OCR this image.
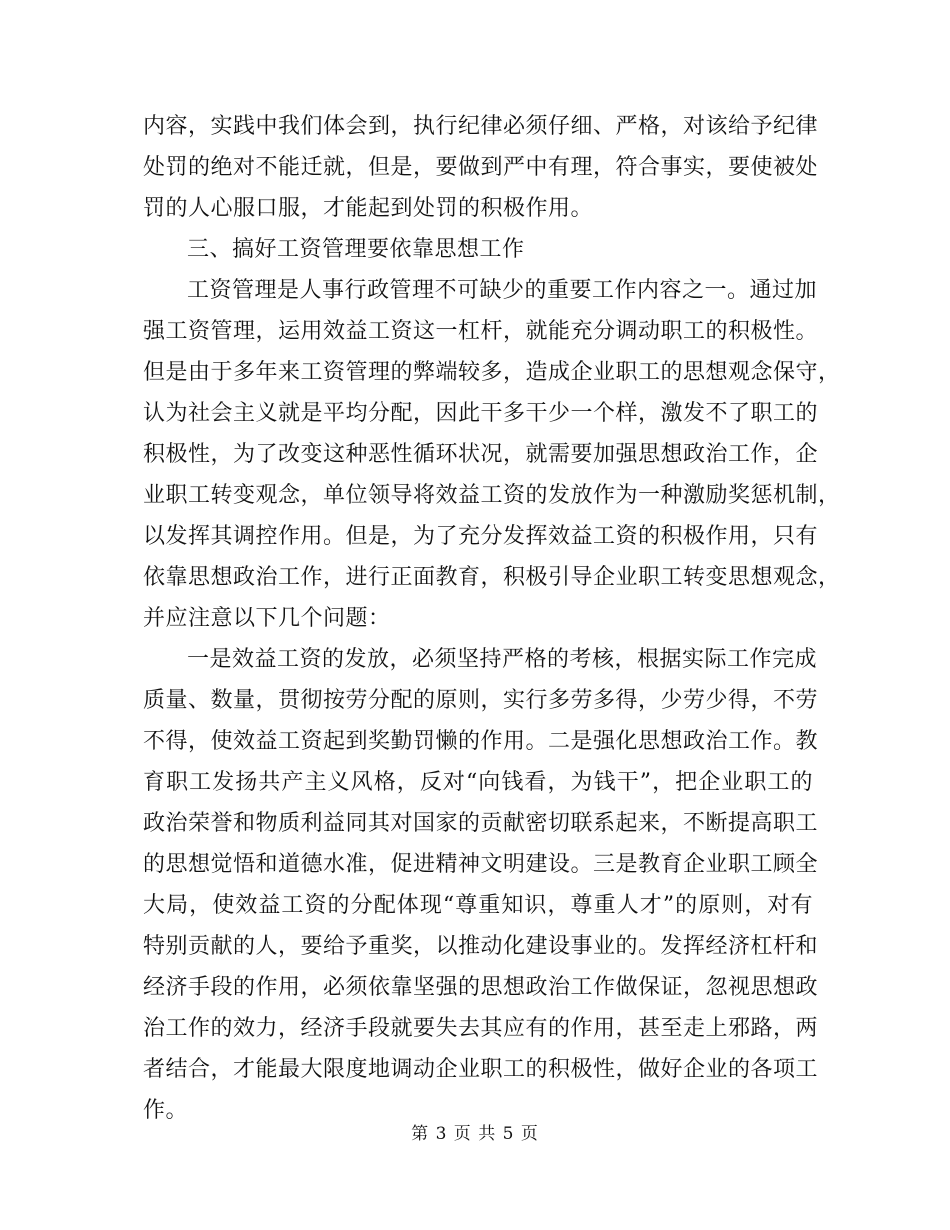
内容，实践中我们体会到，执行纪律必须仔细、严格，对该给予纪律
处罚的绝对不能迁就，但是，要做到严中有理，符合事实，要使被处
罚的人心服口服，才能起到处罚的积极作用。
三、搞好工资管理要依靠思想工作
工资管理是人事行政管理不可缺少的重要工作内容之一。通过加
强工资管理，运用效益工资这一杠杆，就能充分调动职工的积极性。
但是由于多年来工资管理的弊端较多，造成企业职工的思想观念保守，
认为社会主义就是平均分配，因此干多干少一个样，激发不了职工的
积极性，为了改变这种恶性循环状况，就需要加强思想政治工作，企
业职工转变观念，单位领导将效益工资的发放作为一种激励奖惩机制，
以发挥其调控作用。但是，为了充分发挥效益工资的积极作用，只有
依靠思想政治工作，进行正面教育，积极引导企业职工转变思想观念，
并应注意以下几个问题：
一是效益工资的发放，必须坚持严格的考核，根据实际工作完成
质量、数量，贯彻按劳分配的原则，实行多劳多得，少劳少得，不劳
不得，使效益工资起到奖勤罚懒的作用。二是强化思想政治工作。教
育职工发扬共产主义风格，反对“向钱看，为钱干”，把企业职工的
政治荣誉和物质利益同其对国家的贡献密切联系起来，不断提高职工
的思想觉悟和道德水准，促进精神文明建设。三是教育企业职工顾全
大局，使效益工资的分配体现“尊重知识，尊重人才”的原则，对有
特别贡献的人，要给予重奖，以推动化建设事业的。发挥经济杠杆和
经济手段的作用，必须依靠坚强的思想政治工作做保证，忽视思想政
治工作的效力，经济手段就要失去其应有的作用，甚至走上邪路，两
者结合，才能最大限度地调动企业职工的积极性，做好企业的各项工
作。
第 3 页 共 5 页
